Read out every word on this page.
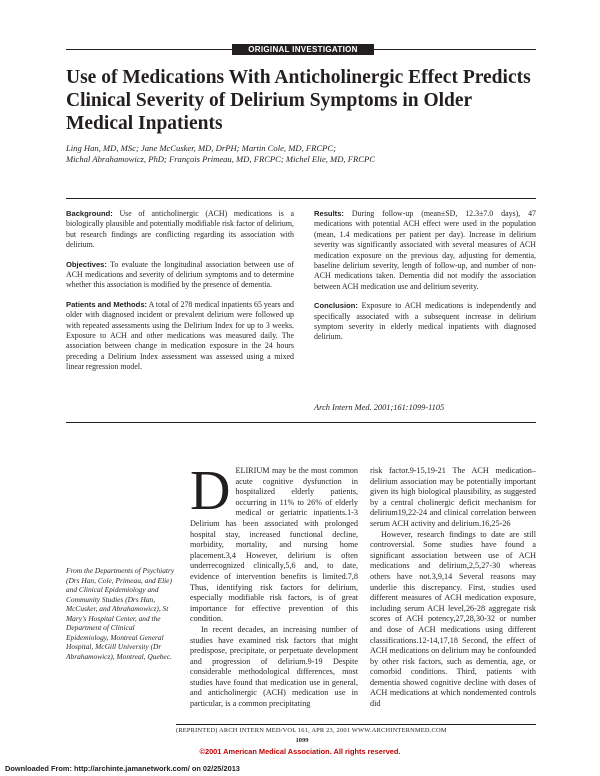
ORIGINAL INVESTIGATION
Use of Medications With Anticholinergic Effect Predicts Clinical Severity of Delirium Symptoms in Older Medical Inpatients
Ling Han, MD, MSc; Jane McCusker, MD, DrPH; Martin Cole, MD, FRCPC;
Michal Abrahamowicz, PhD; François Primeau, MD, FRCPC; Michel Elie, MD, FRCPC

Background: Use of anticholinergic (ACH) medications is a biologically plausible and potentially modifiable risk factor of delirium, but research findings are conflicting regarding its association with delirium.

Objectives: To evaluate the longitudinal association between use of ACH medications and severity of delirium symptoms and to determine whether this association is modified by the presence of dementia.

Patients and Methods: A total of 278 medical inpatients 65 years and older with diagnosed incident or prevalent delirium were followed up with repeated assessments using the Delirium Index for up to 3 weeks. Exposure to ACH and other medications was measured daily. The association between change in medication exposure in the 24 hours preceding a Delirium Index assessment was assessed using a mixed linear regression model.

Results: During follow-up (mean±SD, 12.3±7.0 days), 47 medications with potential ACH effect were used in the population (mean, 1.4 medications per patient per day). Increase in delirium severity was significantly associated with several measures of ACH medication exposure on the previous day, adjusting for dementia, baseline delirium severity, length of follow-up, and number of non-ACH medications taken. Dementia did not modify the association between ACH medication use and delirium severity.

Conclusion: Exposure to ACH medications is independently and specifically associated with a subsequent increase in delirium symptom severity in elderly medical inpatients with diagnosed delirium.

Arch Intern Med. 2001;161:1099-1105

DELIRIUM may be the most common acute cognitive dysfunction in hospitalized elderly patients, occurring in 11% to 26% of elderly medical or geriatric inpatients.1-3 Delirium has been associated with prolonged hospital stay, increased functional decline, morbidity, mortality, and nursing home placement.3,4 However, delirium is often underrecognized clinically,5,6 and, to date, evidence of intervention benefits is limited.7,8 Thus, identifying risk factors for delirium, especially modifiable risk factors, is of great importance for effective prevention of this condition.

In recent decades, an increasing number of studies have examined risk factors that might predispose, precipitate, or perpetuate development and progression of delirium.9-19 Despite considerable methodological differences, most studies have found that medication use in general, and anticholinergic (ACH) medication use in particular, is a common precipitating

risk factor.9-15,19-21 The ACH medication–delirium association may be potentially important given its high biological plausibility, as suggested by a central cholinergic deficit mechanism for delirium19,22-24 and clinical correlation between serum ACH activity and delirium.16,25-26

However, research findings to date are still controversial. Some studies have found a significant association between use of ACH medications and delirium,2,5,27-30 whereas others have not.3,9,14 Several reasons may underlie this discrepancy. First, studies used different measures of ACH medication exposure, including serum ACH level,26-28 aggregate risk scores of ACH potency,27,28,30-32 or number and dose of ACH medications using different classifications.12-14,17,18 Second, the effect of ACH medications on delirium may be confounded by other risk factors, such as dementia, age, or comorbid conditions. Third, patients with dementia showed cognitive decline with doses of ACH medications at which nondemented controls did

From the Departments of Psychiatry (Drs Han, Cole, Primeau, and Elie) and Clinical Epidemiology and Community Studies (Drs Han, McCusker, and Abrahamowicz), St Mary's Hospital Center, and the Department of Clinical Epidemiology, Montreal General Hospital, McGill University (Dr Abrahamowicz), Montreal, Quebec.
(REPRINTED) ARCH INTERN MED/VOL 161, APR 23, 2001 WWW.ARCHINTERNMED.COM
1099
©2001 American Medical Association. All rights reserved.
Downloaded From: http://archinte.jamanetwork.com/ on 02/25/2013
